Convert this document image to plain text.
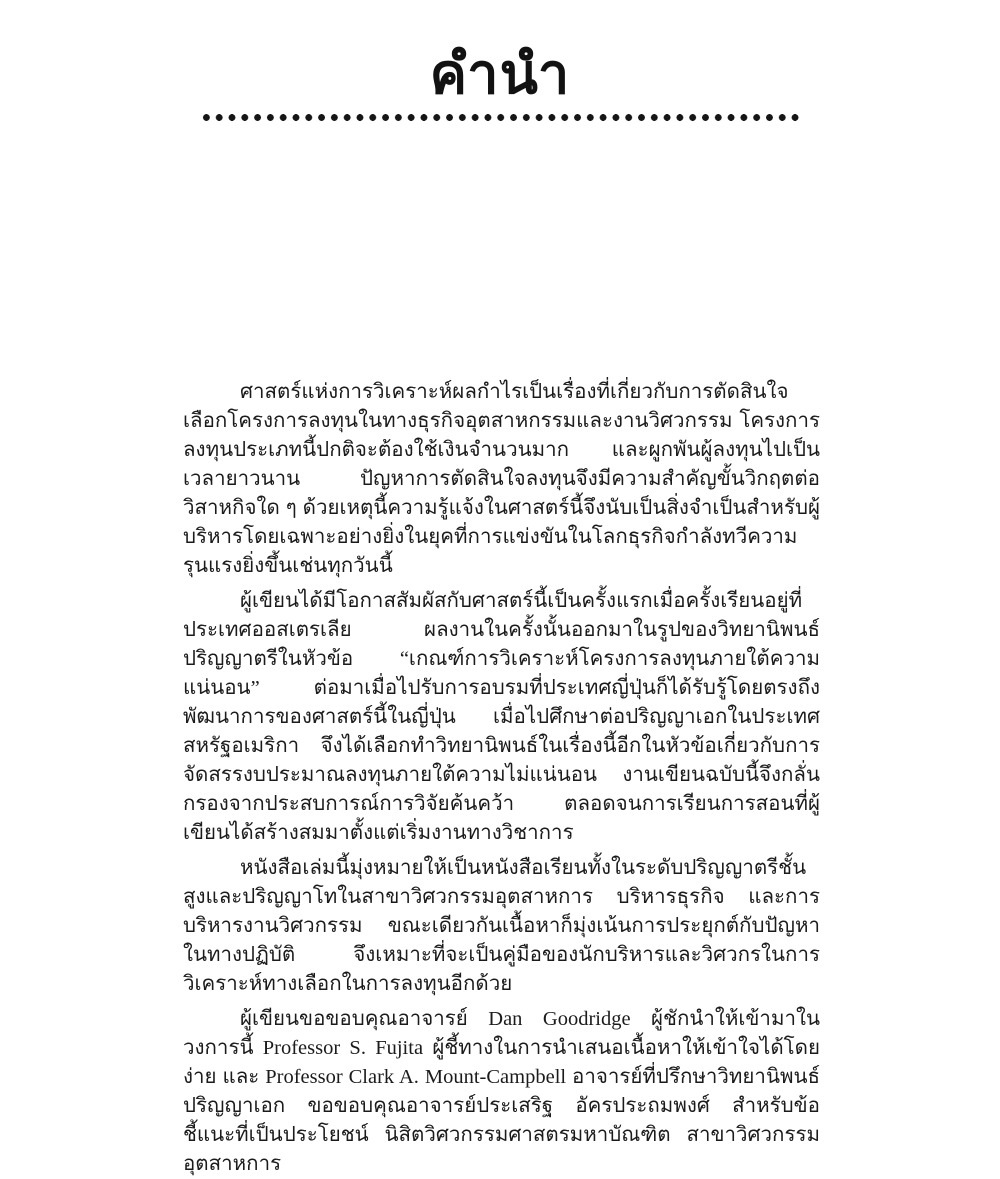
คำนำ

ศาสตร์แห่งการวิเคราะห์ผลกำไรเป็นเรื่องที่เกี่ยวกับการตัดสินใจเลือกโครงการลงทุนในทางธุรกิจอุตสาหกรรมและงานวิศวกรรม โครงการลงทุนประเภทนี้ปกติจะต้องใช้เงินจำนวนมาก และผูกพันผู้ลงทุนไปเป็นเวลายาวนาน ปัญหาการตัดสินใจลงทุนจึงมีความสำคัญขั้นวิกฤตต่อวิสาหกิจใด ๆ ด้วยเหตุนี้ความรู้แจ้งในศาสตร์นี้จึงนับเป็นสิ่งจำเป็นสำหรับผู้บริหารโดยเฉพาะอย่างยิ่งในยุคที่การแข่งขันในโลกธุรกิจกำลังทวีความรุนแรงยิ่งขึ้นเช่นทุกวันนี้

ผู้เขียนได้มีโอกาสสัมผัสกับศาสตร์นี้เป็นครั้งแรกเมื่อครั้งเรียนอยู่ที่ประเทศออสเตรเลีย ผลงานในครั้งนั้นออกมาในรูปของวิทยานิพนธ์ปริญญาตรีในหัวข้อ “เกณฑ์การวิเคราะห์โครงการลงทุนภายใต้ความแน่นอน” ต่อมาเมื่อไปรับการอบรมที่ประเทศญี่ปุ่นก็ได้รับรู้โดยตรงถึงพัฒนาการของศาสตร์นี้ในญี่ปุ่น เมื่อไปศึกษาต่อปริญญาเอกในประเทศสหรัฐอเมริกา จึงได้เลือกทำวิทยานิพนธ์ในเรื่องนี้อีกในหัวข้อเกี่ยวกับการจัดสรรงบประมาณลงทุนภายใต้ความไม่แน่นอน งานเขียนฉบับนี้จึงกลั่นกรองจากประสบการณ์การวิจัยค้นคว้า ตลอดจนการเรียนการสอนที่ผู้เขียนได้สร้างสมมาตั้งแต่เริ่มงานทางวิชาการ

หนังสือเล่มนี้มุ่งหมายให้เป็นหนังสือเรียนทั้งในระดับปริญญาตรีชั้นสูงและปริญญาโทในสาขาวิศวกรรมอุตสาหการ บริหารธุรกิจ และการบริหารงานวิศวกรรม ขณะเดียวกันเนื้อหาก็มุ่งเน้นการประยุกต์กับปัญหาในทางปฏิบัติ จึงเหมาะที่จะเป็นคู่มือของนักบริหารและวิศวกรในการวิเคราะห์ทางเลือกในการลงทุนอีกด้วย

ผู้เขียนขอขอบคุณอาจารย์ Dan Goodridge ผู้ชักนำให้เข้ามาในวงการนี้ Professor S. Fujita ผู้ชี้ทางในการนำเสนอเนื้อหาให้เข้าใจได้โดยง่าย และ Professor Clark A. Mount-Campbell อาจารย์ที่ปรึกษาวิทยานิพนธ์ปริญญาเอก ขอขอบคุณอาจารย์ประเสริฐ อัครประถมพงศ์ สำหรับข้อชี้แนะที่เป็นประโยชน์ นิสิตวิศวกรรมศาสตรมหาบัณฑิต สาขาวิศวกรรมอุตสาหการ
